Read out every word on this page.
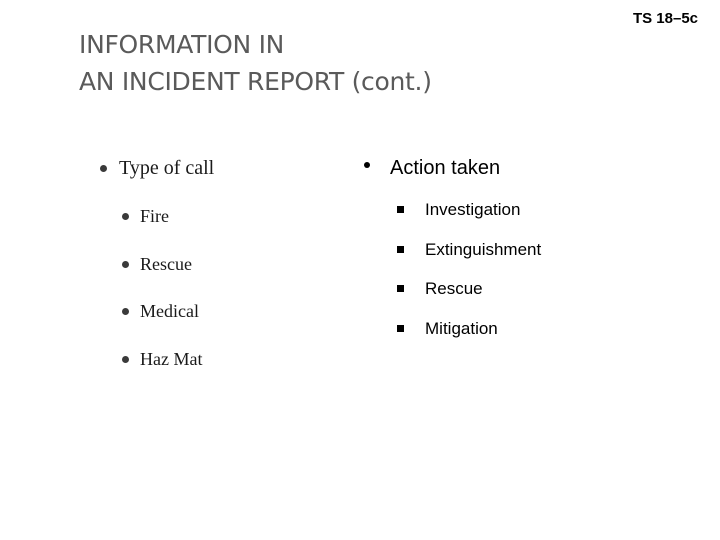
TS 18–5c
INFORMATION IN
AN INCIDENT REPORT (cont.)
Type of call
Fire
Rescue
Medical
Haz Mat
Action taken
Investigation
Extinguishment
Rescue
Mitigation
